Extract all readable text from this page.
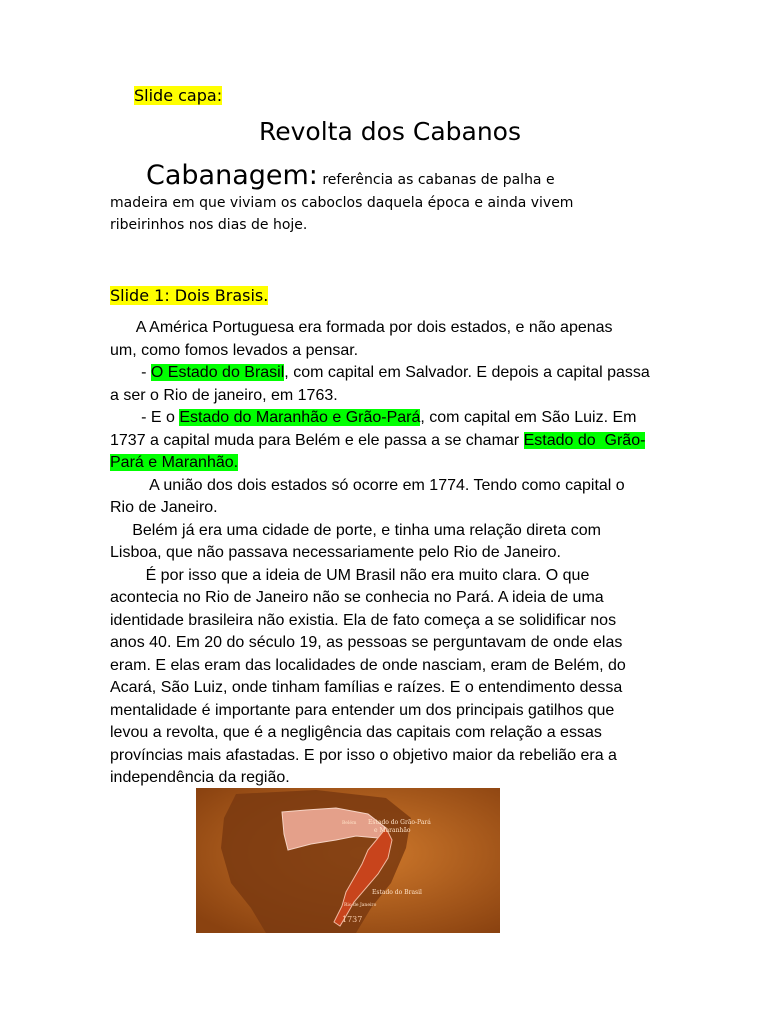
Slide capa:
Revolta dos Cabanos
Cabanagem: referência as cabanas de palha e
madeira em que viviam os caboclos daquela época e ainda vivem
ribeirinhos nos dias de hoje.
Slide 1: Dois Brasis.
A América Portuguesa era formada por dois estados, e não apenas
um, como fomos levados a pensar.
- O Estado do Brasil, com capital em Salvador. E depois a capital passa
a ser o Rio de janeiro, em 1763.
- E o Estado do Maranhão e Grão-Pará, com capital em São Luiz. Em
1737 a capital muda para Belém e ele passa a se chamar Estado do  Grão-
Pará e Maranhão.
A união dos dois estados só ocorre em 1774. Tendo como capital o
Rio de Janeiro.
Belém já era uma cidade de porte, e tinha uma relação direta com
Lisboa, que não passava necessariamente pelo Rio de Janeiro.
É por isso que a ideia de UM Brasil não era muito clara. O que
acontecia no Rio de Janeiro não se conhecia no Pará. A ideia de uma
identidade brasileira não existia. Ela de fato começa a se solidificar nos
anos 40. Em 20 do século 19, as pessoas se perguntavam de onde elas
eram. E elas eram das localidades de onde nasciam, eram de Belém, do
Acará, São Luiz, onde tinham famílias e raízes. E o entendimento dessa
mentalidade é importante para entender um dos principais gatilhos que
levou a revolta, que é a negligência das capitais com relação a essas
províncias mais afastadas. E por isso o objetivo maior da rebelião era a
independência da região.
Estado do Grão-Pará
e Maranhão
Belém
Estado do Brasil
Rio de Janeiro
1737
